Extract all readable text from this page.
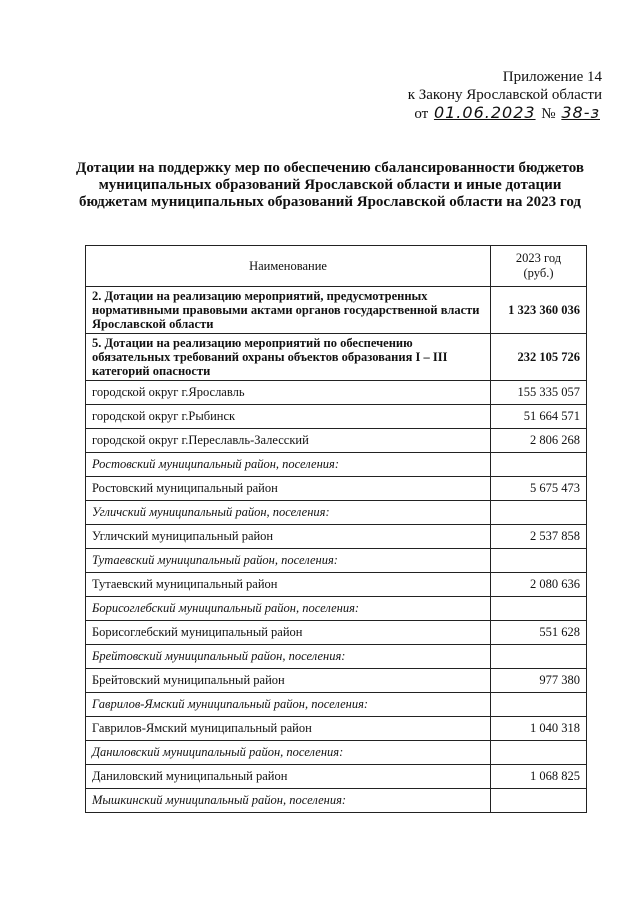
Приложение 14
к Закону Ярославской области
от 01.06.2023 № 38-з
Дотации на поддержку мер по обеспечению сбалансированности бюджетов муниципальных образований Ярославской области и иные дотации бюджетам муниципальных образований Ярославской области на 2023 год
Наименование	2023 год
(руб.)
2. Дотации на реализацию мероприятий, предусмотренных нормативными правовыми актами органов государственной власти Ярославской области	1 323 360 036
5. Дотации на реализацию мероприятий по обеспечению обязательных требований охраны объектов образования I – III категорий опасности	232 105 726
городской округ г.Ярославль	155 335 057
городской округ г.Рыбинск	51 664 571
городской округ г.Переславль-Залесский	2 806 268
Ростовский муниципальный район, поселения:	
Ростовский муниципальный район	5 675 473
Угличский муниципальный район, поселения:	
Угличский муниципальный район	2 537 858
Тутаевский муниципальный район, поселения:	
Тутаевский муниципальный район	2 080 636
Борисоглебский муниципальный район, поселения:	
Борисоглебский муниципальный район	551 628
Брейтовский муниципальный район, поселения:	
Брейтовский муниципальный район	977 380
Гаврилов-Ямский муниципальный район, поселения:	
Гаврилов-Ямский муниципальный район	1 040 318
Даниловский муниципальный район, поселения:	
Даниловский муниципальный район	1 068 825
Мышкинский муниципальный район, поселения:	
